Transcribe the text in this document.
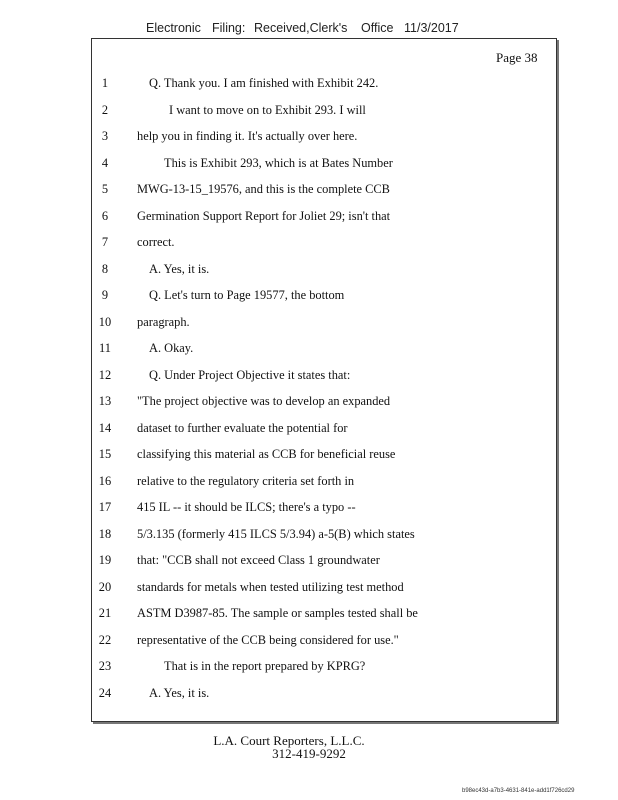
Electronic Filing: Received,Clerk's Office 11/3/2017
Page 38
1	Q. Thank you. I am finished with Exhibit 242.
2	I want to move on to Exhibit 293. I will
3	help you in finding it. It's actually over here.
4	This is Exhibit 293, which is at Bates Number
5	MWG-13-15_19576, and this is the complete CCB
6	Germination Support Report for Joliet 29; isn't that
7	correct.
8	A. Yes, it is.
9	Q. Let's turn to Page 19577, the bottom
10	paragraph.
11	A. Okay.
12	Q. Under Project Objective it states that:
13	"The project objective was to develop an expanded
14	dataset to further evaluate the potential for
15	classifying this material as CCB for beneficial reuse
16	relative to the regulatory criteria set forth in
17	415 IL -- it should be ILCS; there's a typo --
18	5/3.135 (formerly 415 ILCS 5/3.94) a-5(B) which states
19	that: "CCB shall not exceed Class 1 groundwater
20	standards for metals when tested utilizing test method
21	ASTM D3987-85. The sample or samples tested shall be
22	representative of the CCB being considered for use."
23	That is in the report prepared by KPRG?
24	A. Yes, it is.
L.A. Court Reporters, L.L.C.
312-419-9292
b98ec43d-a7b3-4631-841e-add1f726cd29
